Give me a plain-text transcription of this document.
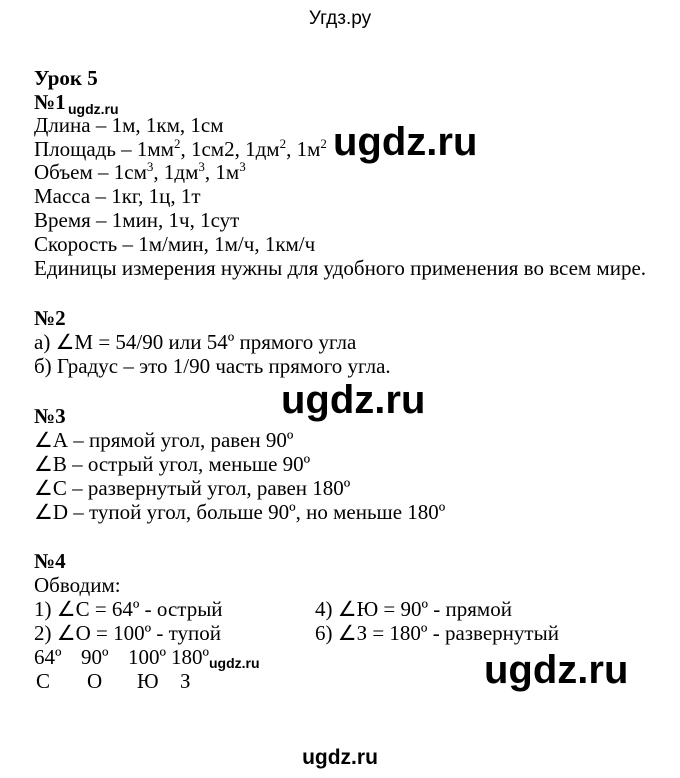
Угдз.ру
Урок 5
№1 ugdz.ru
Длина – 1м, 1км, 1см
Площадь – $1мм^2$, 1см2, $1дм^2$, $1м^2$
Объем – $1см^3$, $1дм^3$, $1м^3$
Масса – 1кг, 1ц, 1т
Время – 1мин, 1ч, 1сут
Скорость – 1м/мин, 1м/ч, 1км/ч
Единицы измерения нужны для удобного применения во всем мире.
ugdz.ru
№2
а) ∠М = 54/90 или 54º прямого угла
б) Градус – это 1/90 часть прямого угла.
ugdz.ru
№3
∠А – прямой угол, равен 90º
∠В – острый угол, меньше 90º
∠С – развернутый угол, равен 180º
∠D – тупой угол, больше 90º, но меньше 180º
№4
Обводим:
1) ∠С = 64º - острый	4) ∠Ю = 90º - прямой
2) ∠О = 100º - тупой	6) ∠З = 180º - развернутый
64º 90º 100º 180º ugdz.ru
С О Ю З	ugdz.ru
ugdz.ru
